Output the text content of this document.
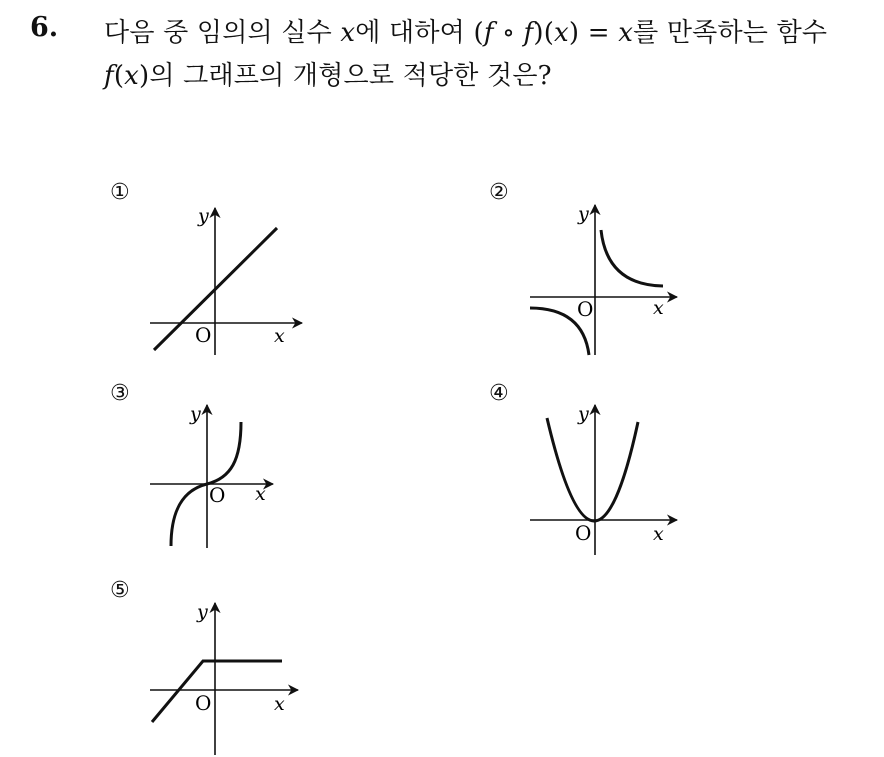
6. 다음 중 임의의 실수 x에 대하여 (f ∘ f)(x) = x를 만족하는 함수
f(x)의 그래프의 개형으로 적당한 것은?
①
y
x
O
②
y
x
O
③
y
x
O
④
y
x
O
⑤
y
x
O
